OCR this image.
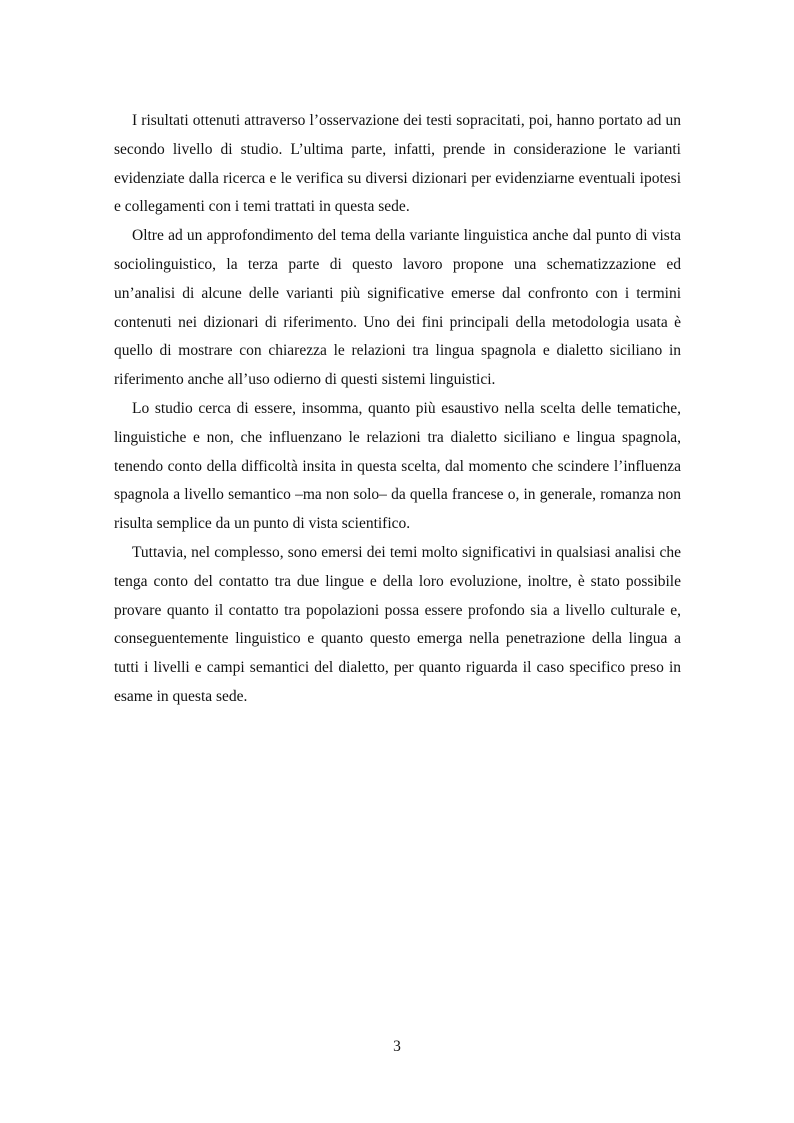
I risultati ottenuti attraverso l’osservazione dei testi sopracitati, poi, hanno portato ad un secondo livello di studio. L’ultima parte, infatti, prende in considerazione le varianti evidenziate dalla ricerca e le verifica su diversi dizionari per evidenziarne eventuali ipotesi e collegamenti con i temi trattati in questa sede.

Oltre ad un approfondimento del tema della variante linguistica anche dal punto di vista sociolinguistico, la terza parte di questo lavoro propone una schematizzazione ed un’analisi di alcune delle varianti più significative emerse dal confronto con i termini contenuti nei dizionari di riferimento. Uno dei fini principali della metodologia usata è quello di mostrare con chiarezza le relazioni tra lingua spagnola e dialetto siciliano in riferimento anche all’uso odierno di questi sistemi linguistici.

Lo studio cerca di essere, insomma, quanto più esaustivo nella scelta delle tematiche, linguistiche e non, che influenzano le relazioni tra dialetto siciliano e lingua spagnola, tenendo conto della difficoltà insita in questa scelta, dal momento che scindere l’influenza spagnola a livello semantico –ma non solo– da quella francese o, in generale, romanza non risulta semplice da un punto di vista scientifico.

Tuttavia, nel complesso, sono emersi dei temi molto significativi in qualsiasi analisi che tenga conto del contatto tra due lingue e della loro evoluzione, inoltre, è stato possibile provare quanto il contatto tra popolazioni possa essere profondo sia a livello culturale e, conseguentemente linguistico e quanto questo emerga nella penetrazione della lingua a tutti i livelli e campi semantici del dialetto, per quanto riguarda il caso specifico preso in esame in questa sede.

3
